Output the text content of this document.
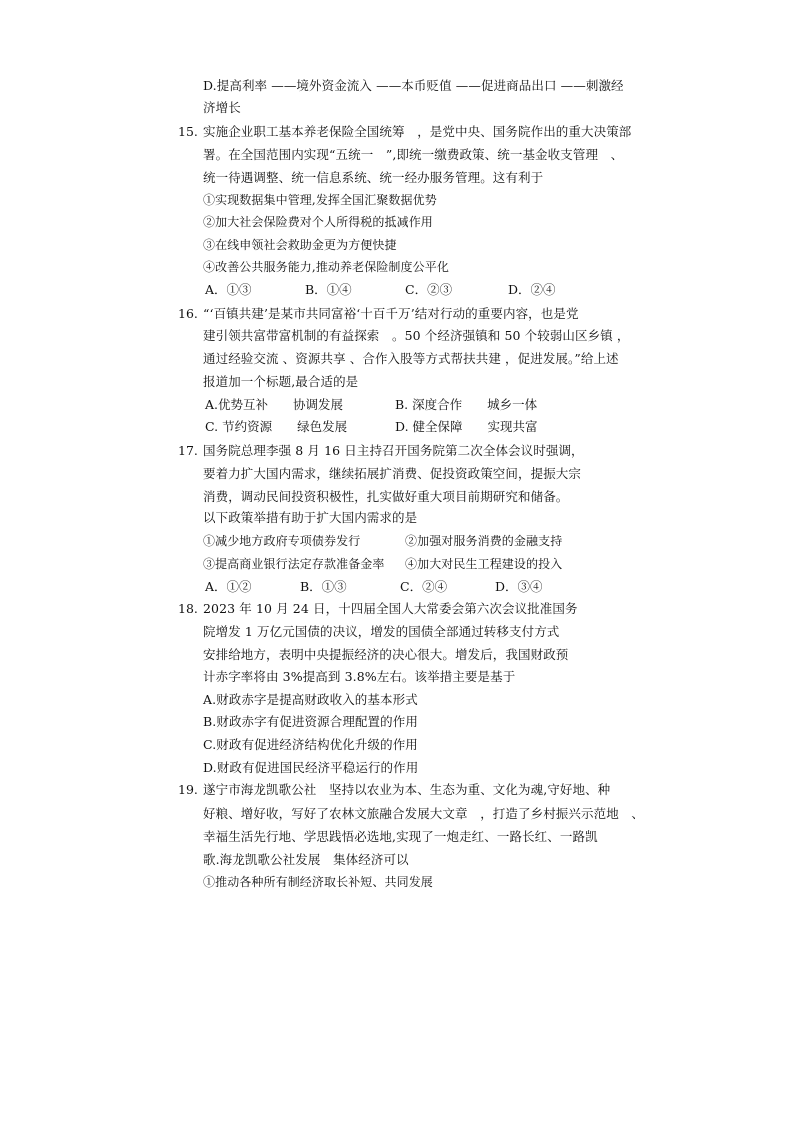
D.提高利率 ——境外资金流入 ——本币贬值 ——促进商品出口 ——刺激经
济增长
15. 实施企业职工基本养老保险全国统筹　，是党中央、国务院作出的重大决策部
署。在全国范围内实现“五统一　”,即统一缴费政策、统一基金收支管理　、
统一待遇调整、统一信息系统、统一经办服务管理。这有利于
①实现数据集中管理,发挥全国汇聚数据优势
②加大社会保险费对个人所得税的抵减作用
③在线申领社会救助金更为方便快捷
④改善公共服务能力,推动养老保险制度公平化
A．①③	B．①④	C．②③	D．②④
16. “‘百镇共建’是某市共同富裕‘十百千万’结对行动的重要内容，也是党
建引领共富带富机制的有益探索　。50 个经济强镇和 50 个较弱山区乡镇 ，
通过经验交流 、资源共享 、合作入股等方式帮扶共建 ，促进发展。”给上述
报道加一个标题,最合适的是
A.优势互补　　协调发展	B. 深度合作　　城乡一体
C. 节约资源　　绿色发展	D. 健全保障　　实现共富
17. 国务院总理李强 8 月 16 日主持召开国务院第二次全体会议时强调，
要着力扩大国内需求，继续拓展扩消费、促投资政策空间，提振大宗
消费，调动民间投资积极性，扎实做好重大项目前期研究和储备。
以下政策举措有助于扩大国内需求的是
①减少地方政府专项债券发行	②加强对服务消费的金融支持
③提高商业银行法定存款准备金率 ④加大对民生工程建设的投入
A．①②	B．①③	C．②④	D．③④
18. 2023 年 10 月 24 日，十四届全国人大常委会第六次会议批准国务
院增发 1 万亿元国债的决议，增发的国债全部通过转移支付方式
安排给地方，表明中央提振经济的决心很大。增发后，我国财政预
计赤字率将由 3%提高到 3.8%左右。该举措主要是基于
A.财政赤字是提高财政收入的基本形式
B.财政赤字有促进资源合理配置的作用
C.财政有促进经济结构优化升级的作用
D.财政有促进国民经济平稳运行的作用
19. 遂宁市海龙凯歌公社　坚持以农业为本、生态为重、文化为魂,守好地、种
好粮、增好收，写好了农林文旅融合发展大文章　，打造了乡村振兴示范地　、
幸福生活先行地、学思践悟必选地,实现了一炮走红、一路长红、一路凯
歌.海龙凯歌公社发展　集体经济可以
①推动各种所有制经济取长补短、共同发展
